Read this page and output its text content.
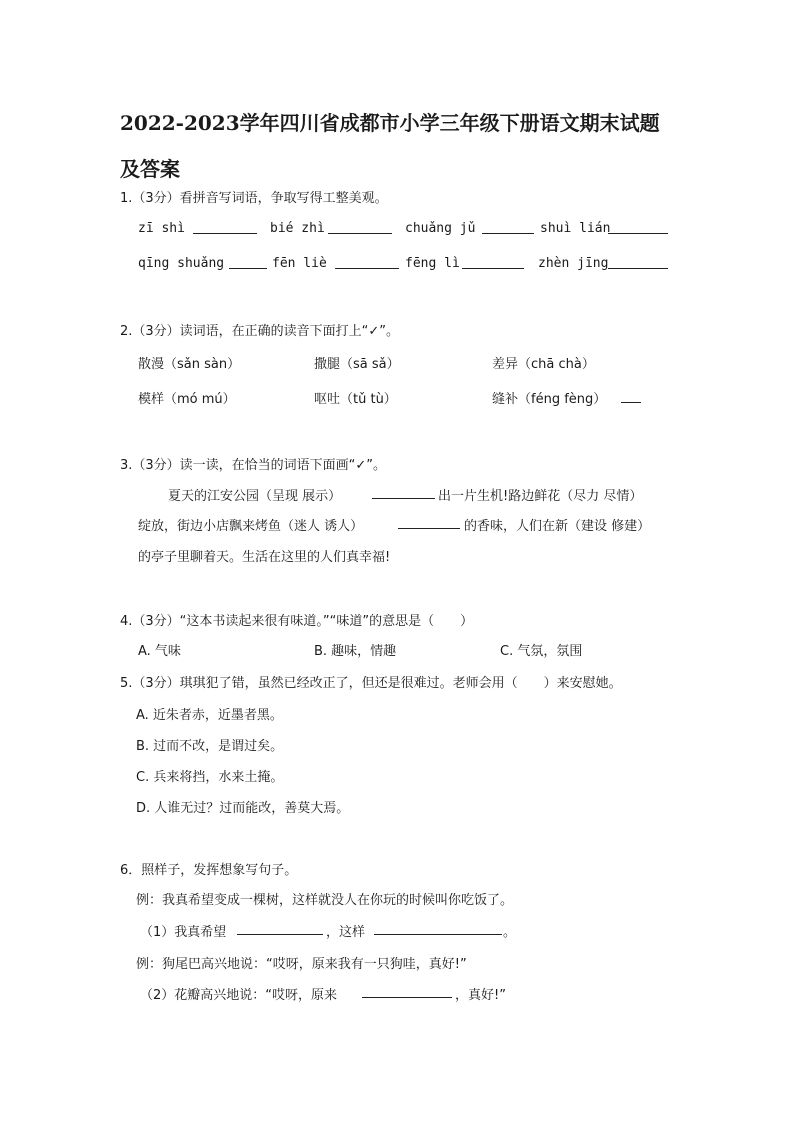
2022-2023学年四川省成都市小学三年级下册语文期末试题
及答案
1.（3分）看拼音写词语，争取写得工整美观。
zī shì	bié zhì	chuǎng jǔ	shuì lián
qīng shuǎng	fēn liè	fēng lì	zhèn jīng
2.（3分）读词语，在正确的读音下面打上“✓”。
散漫（sǎn sàn）	撒腿（sā sǎ）	差异（chā chà）
模样（mó mú）	呕吐（tǔ tù）	缝补（féng fèng）
3.（3分）读一读，在恰当的词语下面画“✓”。
夏天的江安公园（呈现 展示）	出一片生机!路边鲜花（尽力 尽情）
绽放，街边小店飘来烤鱼（迷人 诱人）	的香味，人们在新（建设 修建）
的亭子里聊着天。生活在这里的人们真幸福!
4.（3分）“这本书读起来很有味道。”“味道”的意思是（　　）
A. 气味	B. 趣味，情趣	C. 气氛，氛围
5.（3分）琪琪犯了错，虽然已经改正了，但还是很难过。老师会用（　　）来安慰她。
A. 近朱者赤，近墨者黑。
B. 过而不改，是谓过矣。
C. 兵来将挡，水来土掩。
D. 人谁无过？过而能改，善莫大焉。
6．照样子，发挥想象写句子。
例：我真希望变成一棵树，这样就没人在你玩的时候叫你吃饭了。
（1）我真希望	，这样	。
例：狗尾巴高兴地说：“哎呀，原来我有一只狗哇，真好!”
（2）花瓣高兴地说：“哎呀，原来	，真好!”
